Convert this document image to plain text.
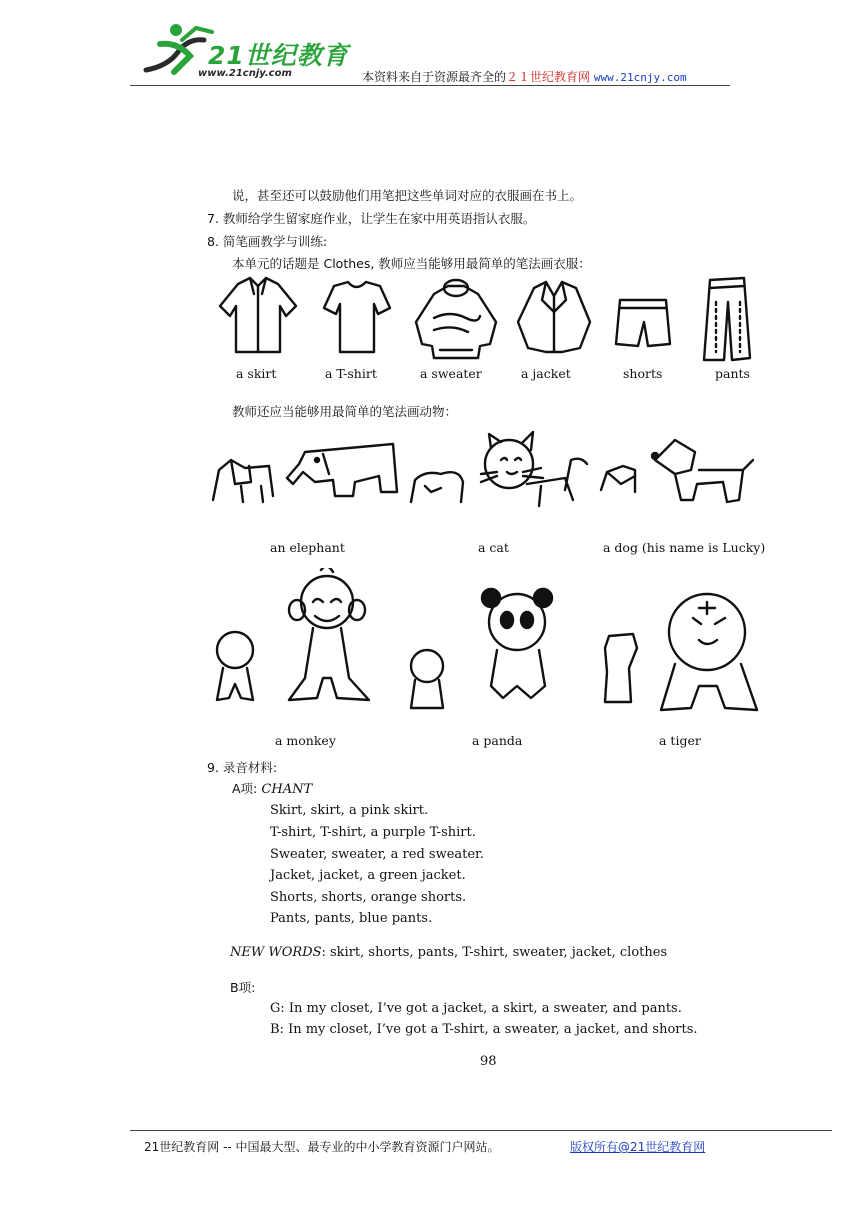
21世纪教育
www.21cnjy.com	本资料来自于资源最齐全的２１世纪教育网 www.21cnjy.com
说，甚至还可以鼓励他们用笔把这些单词对应的衣服画在书上。
7. 教师给学生留家庭作业，让学生在家中用英语指认衣服。
8. 简笔画教学与训练:
本单元的话题是 Clothes, 教师应当能够用最简单的笔法画衣服：
a skirt	a T-shirt	a sweater	a jacket	shorts	pants
教师还应当能够用最简单的笔法画动物：
an elephant	a cat	a dog (his name is Lucky)
a monkey	a panda	a tiger
9. 录音材料:
A项: CHANT
Skirt, skirt, a pink skirt.
T-shirt, T-shirt, a purple T-shirt.
Sweater, sweater, a red sweater.
Jacket, jacket, a green jacket.
Shorts, shorts, orange shorts.
Pants, pants, blue pants.
NEW WORDS: skirt, shorts, pants, T-shirt, sweater, jacket, clothes
B项:
G: In my closet, I’ve got a jacket, a skirt, a sweater, and pants.
B: In my closet, I’ve got a T-shirt, a sweater, a jacket, and shorts.
98
21世纪教育网 -- 中国最大型、最专业的中小学教育资源门户网站。	版权所有@21世纪教育网
